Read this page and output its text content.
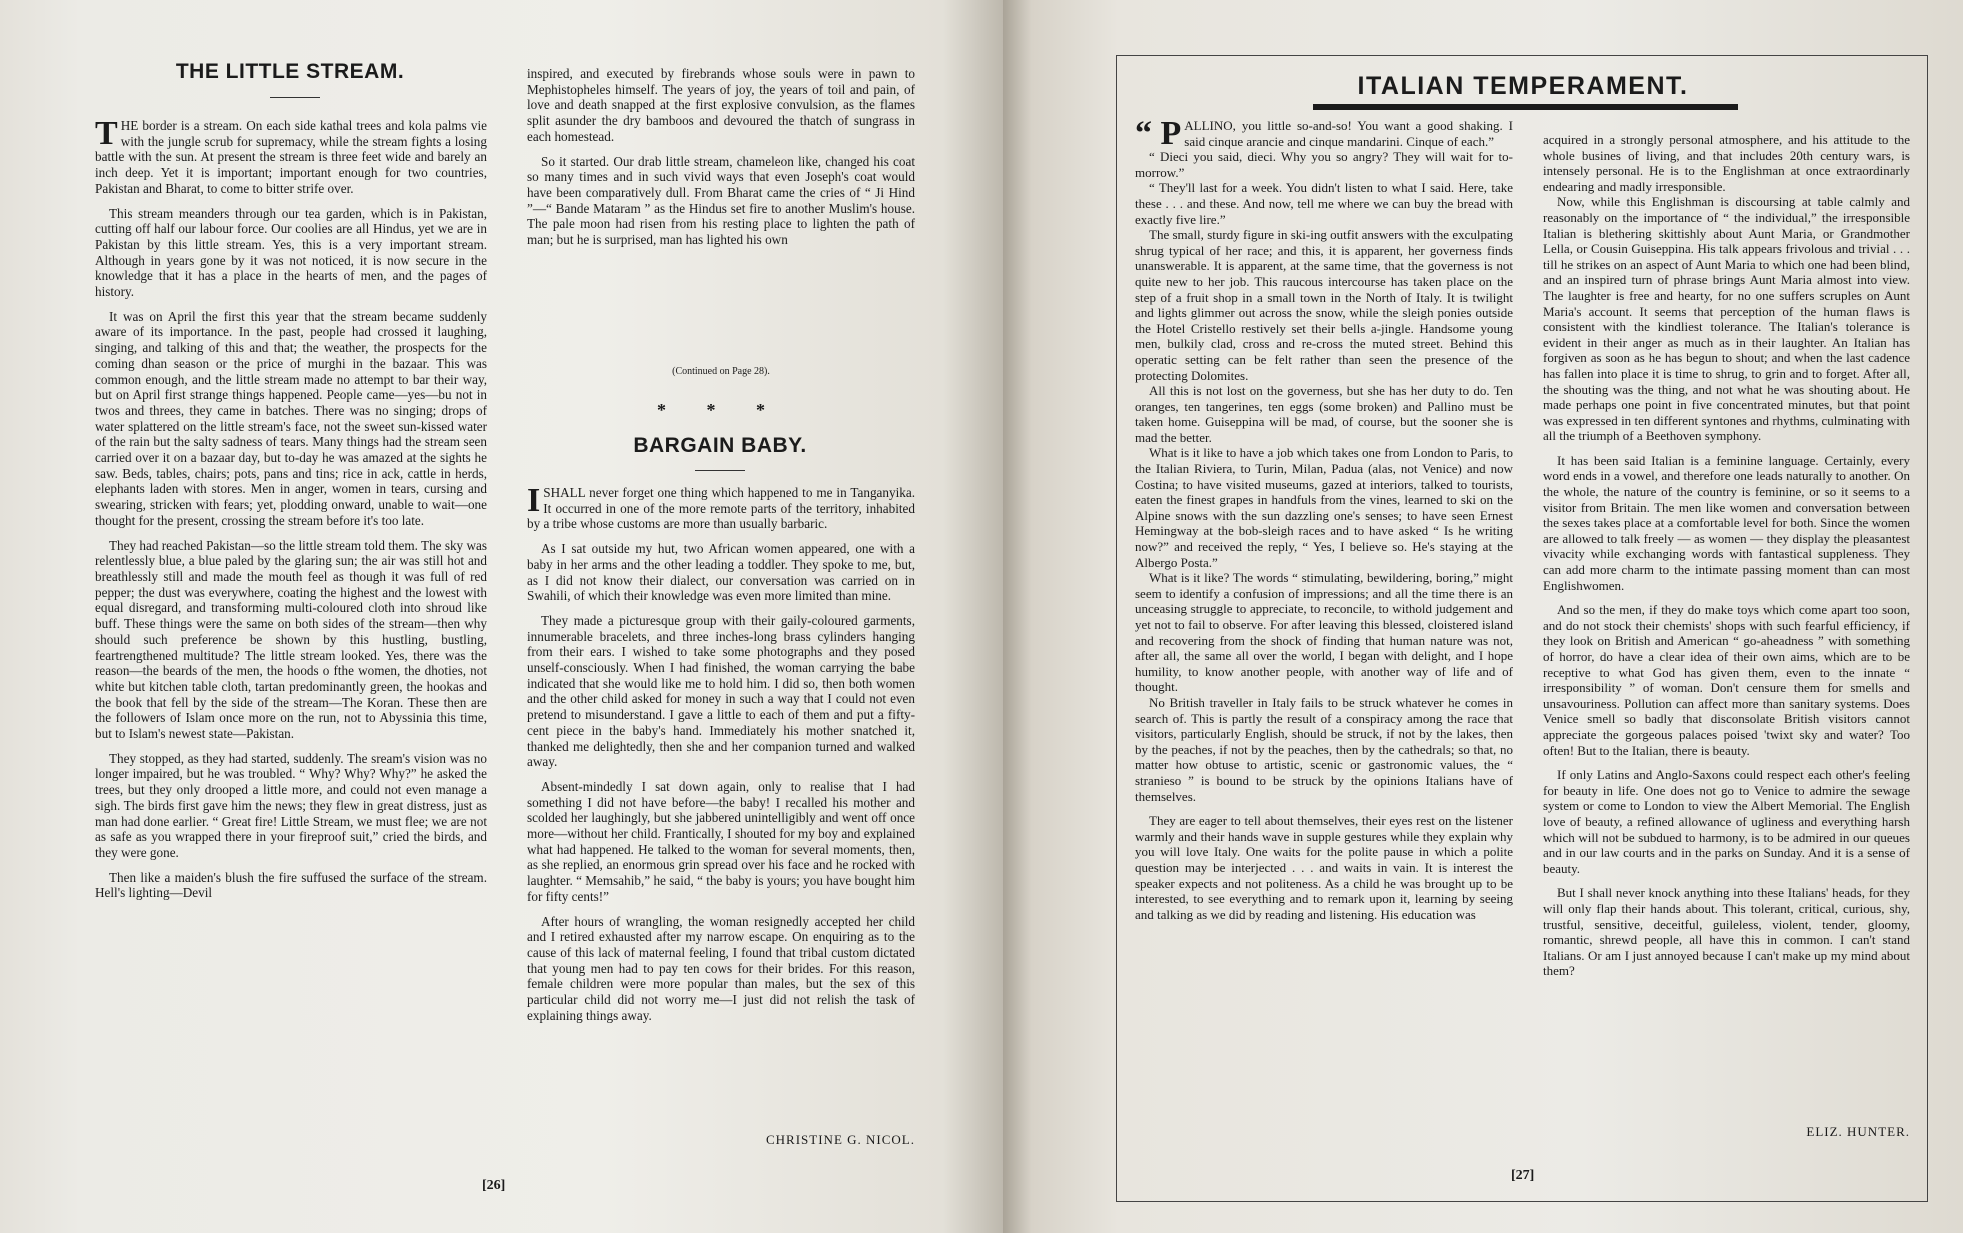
THE LITTLE STREAM.

THE border is a stream. On each side kathal trees and kola palms vie with the jungle scrub for supremacy, while the stream fights a losing battle with the sun. At present the stream is three feet wide and barely an inch deep. Yet it is important; important enough for two countries, Pakistan and Bharat, to come to bitter strife over.

This stream meanders through our tea garden, which is in Pakistan, cutting off half our labour force. Our coolies are all Hindus, yet we are in Pakistan by this little stream. Yes, this is a very important stream. Although in years gone by it was not noticed, it is now secure in the knowledge that it has a place in the hearts of men, and the pages of history.

It was on April the first this year that the stream became suddenly aware of its importance. In the past, people had crossed it laughing, singing, and talking of this and that; the weather, the prospects for the coming dhan season or the price of murghi in the bazaar. This was common enough, and the little stream made no attempt to bar their way, but on April first strange things happened. People came—yes—bu not in twos and threes, they came in batches. There was no singing; drops of water splattered on the little stream's face, not the sweet sun-kissed water of the rain but the salty sadness of tears. Many things had the stream seen carried over it on a bazaar day, but to-day he was amazed at the sights he saw. Beds, tables, chairs; pots, pans and tins; rice in ack, cattle in herds, elephants laden with stores. Men in anger, women in tears, cursing and swearing, stricken with fears; yet, plodding onward, unable to wait—one thought for the present, crossing the stream before it's too late.

They had reached Pakistan—so the little stream told them. The sky was relentlessly blue, a blue paled by the glaring sun; the air was still hot and breathlessly still and made the mouth feel as though it was full of red pepper; the dust was everywhere, coating the highest and the lowest with equal disregard, and transforming multi-coloured cloth into shroud like buff. These things were the same on both sides of the stream—then why should such preference be shown by this hustling, bustling, feartrengthened multitude? The little stream looked. Yes, there was the reason—the beards of the men, the hoods o fthe women, the dhoties, not white but kitchen table cloth, tartan predominantly green, the hookas and the book that fell by the side of the stream—The Koran. These then are the followers of Islam once more on the run, not to Abyssinia this time, but to Islam's newest state—Pakistan.

They stopped, as they had started, suddenly. The sream's vision was no longer impaired, but he was troubled. “ Why? Why? Why?” he asked the trees, but they only drooped a little more, and could not even manage a sigh. The birds first gave him the news; they flew in great distress, just as man had done earlier. “ Great fire! Little Stream, we must flee; we are not as safe as you wrapped there in your fireproof suit,” cried the birds, and they were gone.

Then like a maiden's blush the fire suffused the surface of the stream. Hell's lighting—Devil

inspired, and executed by firebrands whose souls were in pawn to Mephistopheles himself. The years of joy, the years of toil and pain, of love and death snapped at the first explosive convulsion, as the flames split asunder the dry bamboos and devoured the thatch of sungrass in each homestead.

So it started. Our drab little stream, chameleon like, changed his coat so many times and in such vivid ways that even Joseph's coat would have been comparatively dull. From Bharat came the cries of “ Ji Hind ”—“ Bande Mataram ” as the Hindus set fire to another Muslim's house. The pale moon had risen from his resting place to lighten the path of man; but he is surprised, man has lighted his own

(Continued on Page 28).
* * *
BARGAIN BABY.

I SHALL never forget one thing which happened to me in Tanganyika. It occurred in one of the more remote parts of the territory, inhabited by a tribe whose customs are more than usually barbaric.

As I sat outside my hut, two African women appeared, one with a baby in her arms and the other leading a toddler. They spoke to me, but, as I did not know their dialect, our conversation was carried on in Swahili, of which their knowledge was even more limited than mine.

They made a picturesque group with their gaily-coloured garments, innumerable bracelets, and three inches-long brass cylinders hanging from their ears. I wished to take some photographs and they posed unself-consciously. When I had finished, the woman carrying the babe indicated that she would like me to hold him. I did so, then both women and the other child asked for money in such a way that I could not even pretend to misunderstand. I gave a little to each of them and put a fifty-cent piece in the baby's hand. Immediately his mother snatched it, thanked me delightedly, then she and her companion turned and walked away.

Absent-mindedly I sat down again, only to realise that I had something I did not have before—the baby! I recalled his mother and scolded her laughingly, but she jabbered unintelligibly and went off once more—without her child. Frantically, I shouted for my boy and explained what had happened. He talked to the woman for several moments, then, as she replied, an enormous grin spread over his face and he rocked with laughter. “ Memsahib,” he said, “ the baby is yours; you have bought him for fifty cents!”

After hours of wrangling, the woman resignedly accepted her child and I retired exhausted after my narrow escape. On enquiring as to the cause of this lack of maternal feeling, I found that tribal custom dictated that young men had to pay ten cows for their brides. For this reason, female children were more popular than males, but the sex of this particular child did not worry me—I just did not relish the task of explaining things away.

CHRISTINE G. NICOL.
[26]
ITALIAN TEMPERAMENT.

“ P ALLINO, you little so-and-so! You want a good shaking. I said cinque arancie and cinque mandarini. Cinque of each.”

“ Dieci you said, dieci. Why you so angry? They will wait for to-morrow.”

“ They'll last for a week. You didn't listen to what I said. Here, take these . . . and these. And now, tell me where we can buy the bread with exactly five lire.”

The small, sturdy figure in ski-ing outfit answers with the exculpating shrug typical of her race; and this, it is apparent, her governess finds unanswerable. It is apparent, at the same time, that the governess is not quite new to her job. This raucous intercourse has taken place on the step of a fruit shop in a small town in the North of Italy. It is twilight and lights glimmer out across the snow, while the sleigh ponies outside the Hotel Cristello restively set their bells a-jingle. Handsome young men, bulkily clad, cross and re-cross the muted street. Behind this operatic setting can be felt rather than seen the presence of the protecting Dolomites.

All this is not lost on the governess, but she has her duty to do. Ten oranges, ten tangerines, ten eggs (some broken) and Pallino must be taken home. Guiseppina will be mad, of course, but the sooner she is mad the better.

What is it like to have a job which takes one from London to Paris, to the Italian Riviera, to Turin, Milan, Padua (alas, not Venice) and now Costina; to have visited museums, gazed at interiors, talked to tourists, eaten the finest grapes in handfuls from the vines, learned to ski on the Alpine snows with the sun dazzling one's senses; to have seen Ernest Hemingway at the bob-sleigh races and to have asked “ Is he writing now?” and received the reply, “ Yes, I believe so. He's staying at the Albergo Posta.”

What is it like? The words “ stimulating, bewildering, boring,” might seem to identify a confusion of impressions; and all the time there is an unceasing struggle to appreciate, to reconcile, to withold judgement and yet not to fail to observe. For after leaving this blessed, cloistered island and recovering from the shock of finding that human nature was not, after all, the same all over the world, I began with delight, and I hope humility, to know another people, with another way of life and of thought.

No British traveller in Italy fails to be struck whatever he comes in search of. This is partly the result of a conspiracy among the race that visitors, particularly English, should be struck, if not by the lakes, then by the peaches, if not by the peaches, then by the cathedrals; so that, no matter how obtuse to artistic, scenic or gastronomic values, the “ stranieso ” is bound to be struck by the opinions Italians have of themselves.

They are eager to tell about themselves, their eyes rest on the listener warmly and their hands wave in supple gestures while they explain why you will love Italy. One waits for the polite pause in which a polite question may be interjected . . . and waits in vain. It is interest the speaker expects and not politeness. As a child he was brought up to be interested, to see everything and to remark upon it, learning by seeing and talking as we did by reading and listening. His education was

acquired in a strongly personal atmosphere, and his attitude to the whole busines of living, and that includes 20th century wars, is intensely personal. He is to the Englishman at once extraordinarly endearing and madly irresponsible.

Now, while this Englishman is discoursing at table calmly and reasonably on the importance of “ the individual,” the irresponsible Italian is blethering skittishly about Aunt Maria, or Grandmother Lella, or Cousin Guiseppina. His talk appears frivolous and trivial . . . till he strikes on an aspect of Aunt Maria to which one had been blind, and an inspired turn of phrase brings Aunt Maria almost into view. The laughter is free and hearty, for no one suffers scruples on Aunt Maria's account. It seems that perception of the human flaws is consistent with the kindliest tolerance. The Italian's tolerance is evident in their anger as much as in their laughter. An Italian has forgiven as soon as he has begun to shout; and when the last cadence has fallen into place it is time to shrug, to grin and to forget. After all, the shouting was the thing, and not what he was shouting about. He made perhaps one point in five concentrated minutes, but that point was expressed in ten different syntones and rhythms, culminating with all the triumph of a Beethoven symphony.

It has been said Italian is a feminine language. Certainly, every word ends in a vowel, and therefore one leads naturally to another. On the whole, the nature of the country is feminine, or so it seems to a visitor from Britain. The men like women and conversation between the sexes takes place at a comfortable level for both. Since the women are allowed to talk freely — as women — they display the pleasantest vivacity while exchanging words with fantastical suppleness. They can add more charm to the intimate passing moment than can most Englishwomen.

And so the men, if they do make toys which come apart too soon, and do not stock their chemists' shops with such fearful efficiency, if they look on British and American “ go-aheadness ” with something of horror, do have a clear idea of their own aims, which are to be receptive to what God has given them, even to the innate “ irresponsibility ” of woman. Don't censure them for smells and unsavouriness. Pollution can affect more than sanitary systems. Does Venice smell so badly that disconsolate British visitors cannot appreciate the gorgeous palaces poised 'twixt sky and water? Too often! But to the Italian, there is beauty.

If only Latins and Anglo-Saxons could respect each other's feeling for beauty in life. One does not go to Venice to admire the sewage system or come to London to view the Albert Memorial. The English love of beauty, a refined allowance of ugliness and everything harsh which will not be subdued to harmony, is to be admired in our queues and in our law courts and in the parks on Sunday. And it is a sense of beauty.

But I shall never knock anything into these Italians' heads, for they will only flap their hands about. This tolerant, critical, curious, shy, trustful, sensitive, deceitful, guileless, violent, tender, gloomy, romantic, shrewd people, all have this in common. I can't stand Italians. Or am I just annoyed because I can't make up my mind about them?

ELIZ. HUNTER.
[27]
